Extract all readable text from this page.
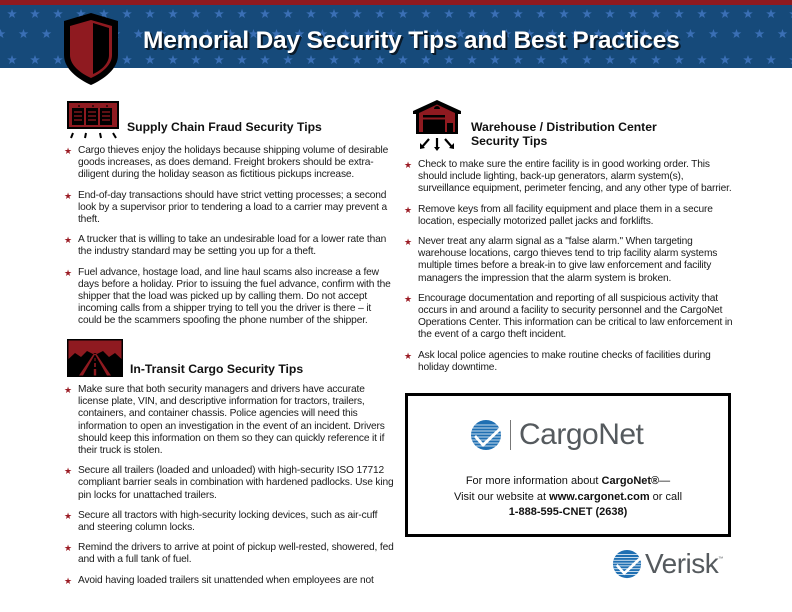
Memorial Day Security Tips and Best Practices
Supply Chain Fraud Security Tips
★ Cargo thieves enjoy the holidays because shipping volume of desirable goods increases, as does demand. Freight brokers should be extra-diligent during the holiday season as fictitious pickups increase.
★ End-of-day transactions should have strict vetting processes; a second look by a supervisor prior to tendering a load to a carrier may prevent a theft.
★ A trucker that is willing to take an undesirable load for a lower rate than the industry standard may be setting you up for a theft.
★ Fuel advance, hostage load, and line haul scams also increase a few days before a holiday. Prior to issuing the fuel advance, confirm with the shipper that the load was picked up by calling them. Do not accept incoming calls from a shipper trying to tell you the driver is there – it could be the scammers spoofing the phone number of the shipper.
In-Transit Cargo Security Tips
★ Make sure that both security managers and drivers have accurate license plate, VIN, and descriptive information for tractors, trailers, containers, and container chassis. Police agencies will need this information to open an investigation in the event of an incident. Drivers should keep this information on them so they can quickly reference it if their truck is stolen.
★ Secure all trailers (loaded and unloaded) with high-security ISO 17712 compliant barrier seals in combination with hardened padlocks. Use king pin locks for unattached trailers.
★ Secure all tractors with high-security locking devices, such as air-cuff and steering column locks.
★ Remind the drivers to arrive at point of pickup well-rested, showered, fed and with a full tank of fuel.
★ Avoid having loaded trailers sit unattended when employees are not
Warehouse / Distribution Center
Security Tips
★ Check to make sure the entire facility is in good working order. This should include lighting, back-up generators, alarm system(s), surveillance equipment, perimeter fencing, and any other type of barrier.
★ Remove keys from all facility equipment and place them in a secure location, especially motorized pallet jacks and forklifts.
★ Never treat any alarm signal as a "false alarm." When targeting warehouse locations, cargo thieves tend to trip facility alarm systems multiple times before a break-in to give law enforcement and facility managers the impression that the alarm system is broken.
★ Encourage documentation and reporting of all suspicious activity that occurs in and around a facility to security personnel and the CargoNet Operations Center. This information can be critical to law enforcement in the event of a cargo theft incident.
★ Ask local police agencies to make routine checks of facilities during holiday downtime.
CargoNet
For more information about CargoNet®—
Visit our website at www.cargonet.com or call
1-888-595-CNET (2638)
Verisk ™
